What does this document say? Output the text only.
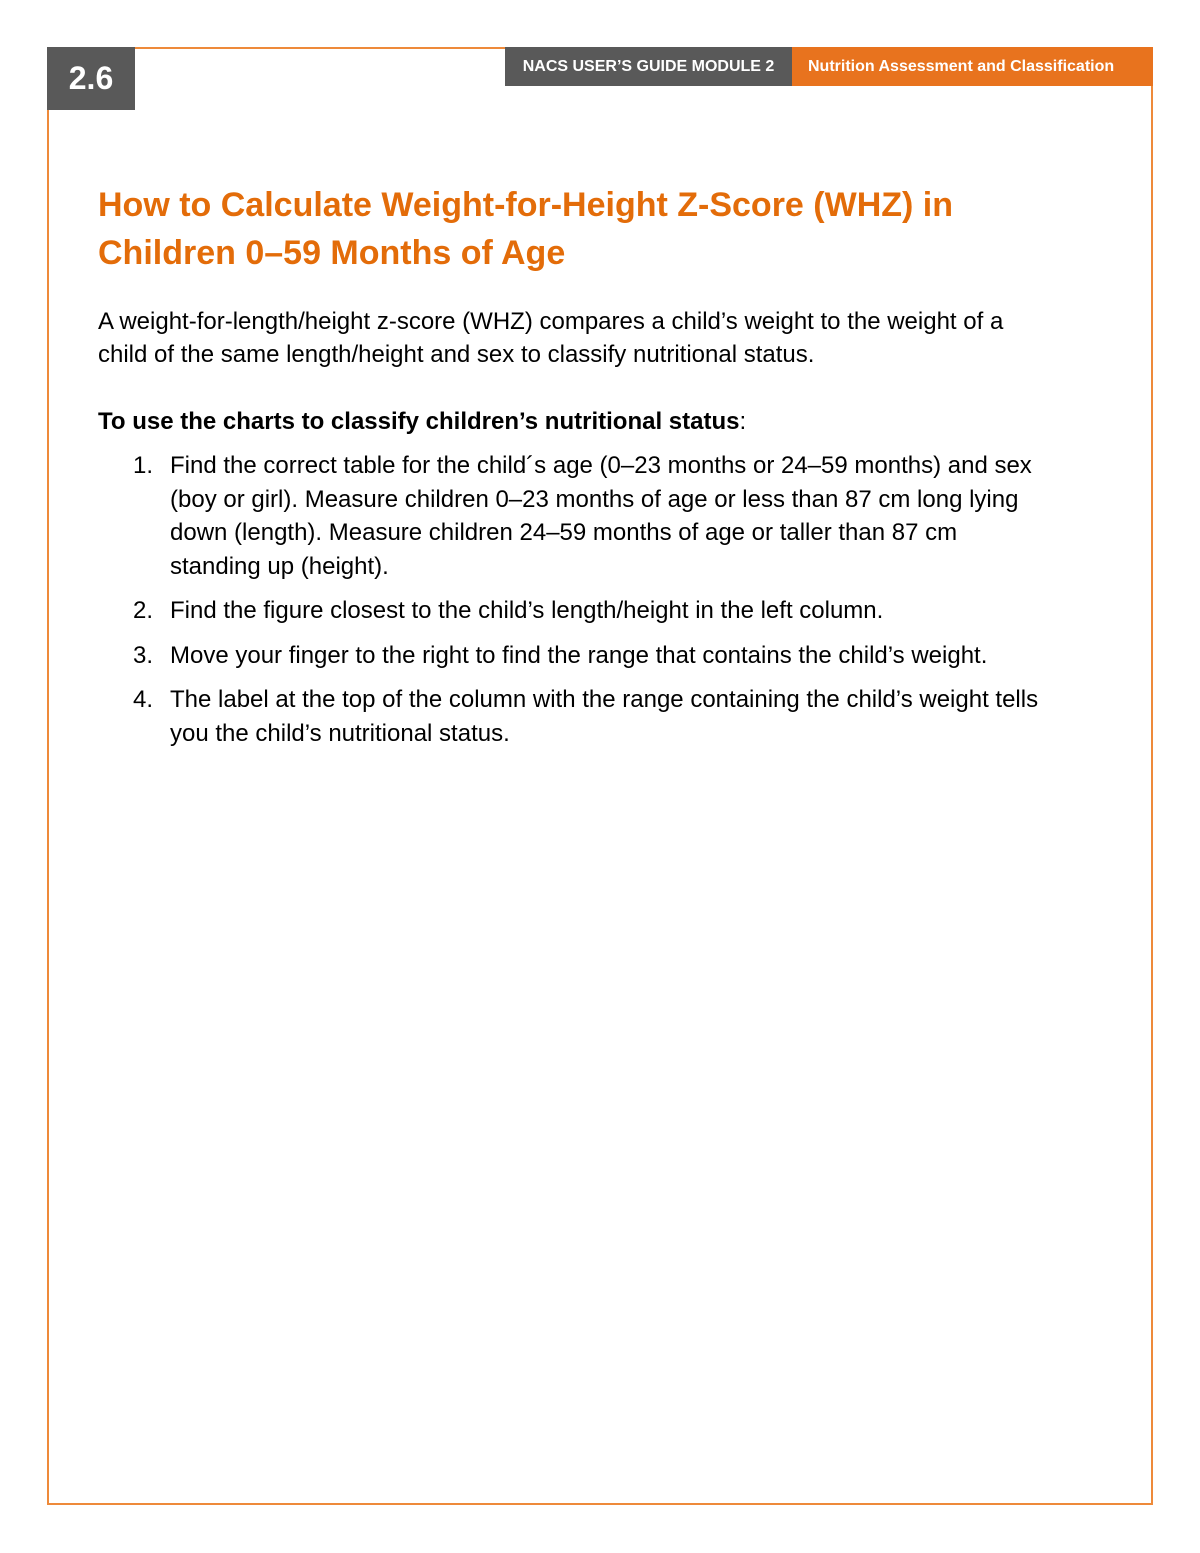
2.6	NACS USER’S GUIDE MODULE 2 Nutrition Assessment and Classification
How to Calculate Weight-for-Height Z-Score (WHZ) in
Children 0–59 Months of Age

A weight-for-length/height z-score (WHZ) compares a child’s weight to the weight of a child of the same length/height and sex to classify nutritional status.

To use the charts to classify children’s nutritional status:
1. Find the correct table for the child´s age (0–23 months or 24–59 months) and sex (boy or girl). Measure children 0–23 months of age or less than 87 cm long lying down (length). Measure children 24–59 months of age or taller than 87 cm standing up (height).
2. Find the figure closest to the child’s length/height in the left column.
3. Move your finger to the right to find the range that contains the child’s weight.
4. The label at the top of the column with the range containing the child’s weight tells you the child’s nutritional status.
